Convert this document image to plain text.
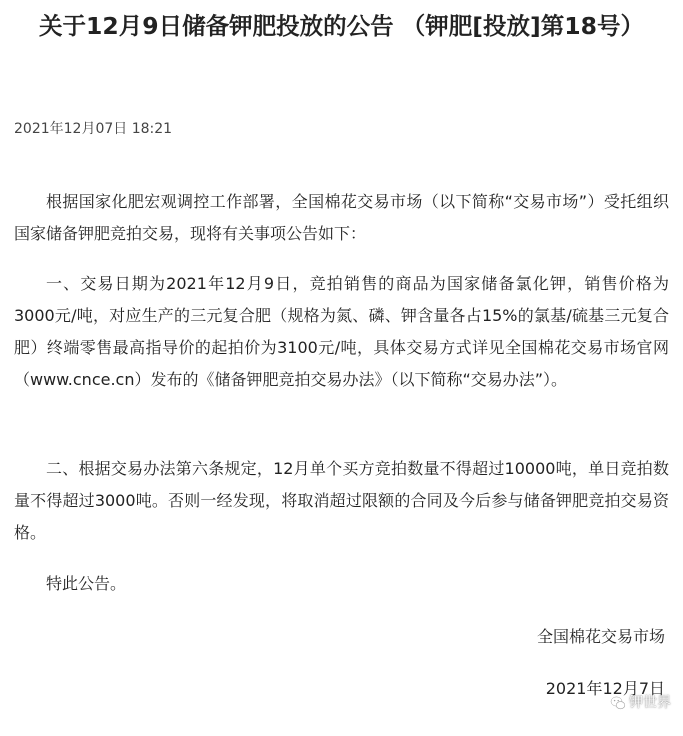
关于12月9日储备钾肥投放的公告 （钾肥[投放]第18号）
2021年12月07日 18:21

根据国家化肥宏观调控工作部署，全国棉花交易市场（以下简称“交易市场”）受托组织国家储备钾肥竞拍交易，现将有关事项公告如下：

一、交易日期为2021年12月9日，竞拍销售的商品为国家储备氯化钾，销售价格为3000元/吨，对应生产的三元复合肥（规格为氮、磷、钾含量各占15%的氯基/硫基三元复合肥）终端零售最高指导价的起拍价为3100元/吨，具体交易方式详见全国棉花交易市场官网（www.cnce.cn）发布的《储备钾肥竞拍交易办法》（以下简称“交易办法”）。

二、根据交易办法第六条规定，12月单个买方竞拍数量不得超过10000吨，单日竞拍数量不得超过3000吨。否则一经发现，将取消超过限额的合同及今后参与储备钾肥竞拍交易资格。

特此公告。

全国棉花交易市场
2021年12月7日
钾世界
